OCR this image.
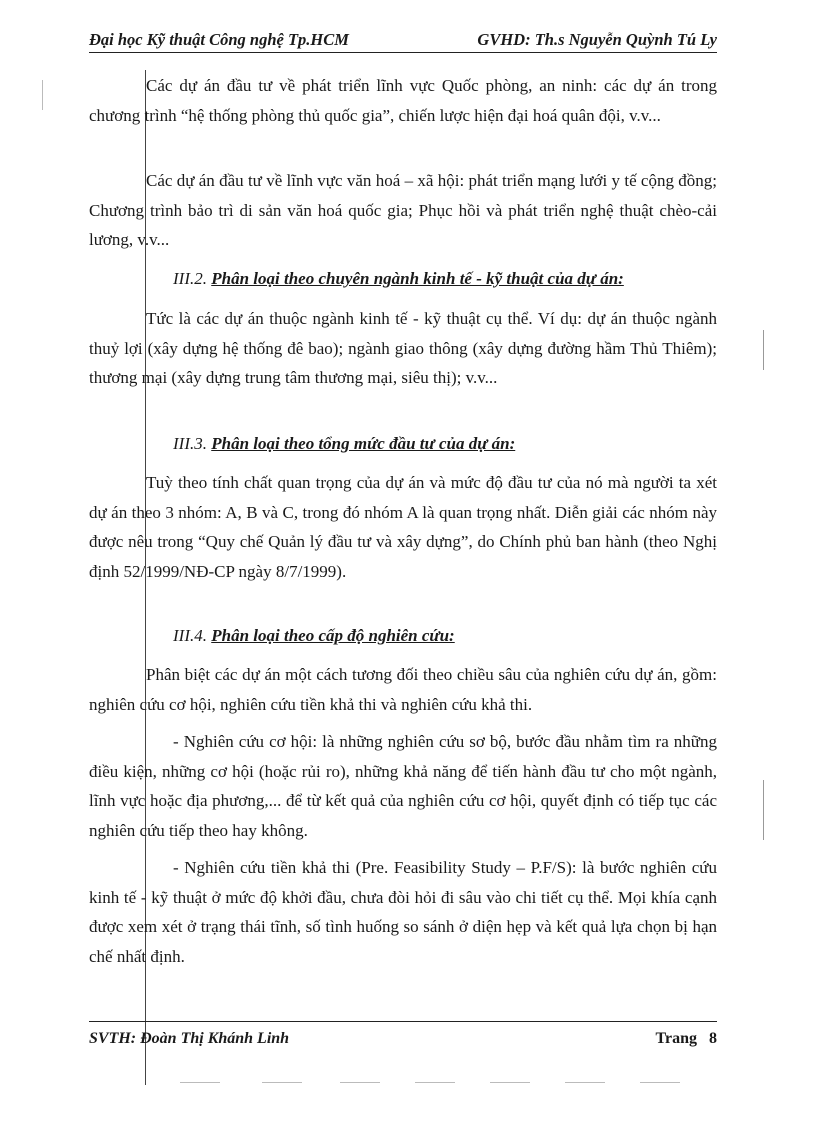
Đại học Kỹ thuật Công nghệ Tp.HCM	GVHD: Th.s Nguyễn Quỳnh Tú Ly

Các dự án đầu tư về phát triển lĩnh vực Quốc phòng, an ninh: các dự án trong chương trình “hệ thống phòng thủ quốc gia”, chiến lược hiện đại hoá quân đội, v.v...

Các dự án đầu tư về lĩnh vực văn hoá – xã hội: phát triển mạng lưới y tế cộng đồng; Chương trình bảo trì di sản văn hoá quốc gia; Phục hồi và phát triển nghệ thuật chèo-cải lương, v.v...

III.2. Phân loại theo chuyên ngành kinh tế - kỹ thuật của dự án:

Tức là các dự án thuộc ngành kinh tế - kỹ thuật cụ thể. Ví dụ: dự án thuộc ngành thuỷ lợi (xây dựng hệ thống đê bao); ngành giao thông (xây dựng đường hầm Thủ Thiêm); thương mại (xây dựng trung tâm thương mại, siêu thị); v.v...

III.3. Phân loại theo tổng mức đầu tư của dự án:

Tuỳ theo tính chất quan trọng của dự án và mức độ đầu tư của nó mà người ta xét dự án theo 3 nhóm: A, B và C, trong đó nhóm A là quan trọng nhất. Diễn giải các nhóm này được nêu trong “Quy chế Quản lý đầu tư và xây dựng”, do Chính phủ ban hành (theo Nghị định 52/1999/NĐ-CP ngày 8/7/1999).

III.4. Phân loại theo cấp độ nghiên cứu:

Phân biệt các dự án một cách tương đối theo chiều sâu của nghiên cứu dự án, gồm: nghiên cứu cơ hội, nghiên cứu tiền khả thi và nghiên cứu khả thi.

- Nghiên cứu cơ hội: là những nghiên cứu sơ bộ, bước đầu nhằm tìm ra những điều kiện, những cơ hội (hoặc rủi ro), những khả năng để tiến hành đầu tư cho một ngành, lĩnh vực hoặc địa phương,... để từ kết quả của nghiên cứu cơ hội, quyết định có tiếp tục các nghiên cứu tiếp theo hay không.

- Nghiên cứu tiền khả thi (Pre. Feasibility Study – P.F/S): là bước nghiên cứu kinh tế - kỹ thuật ở mức độ khởi đầu, chưa đòi hỏi đi sâu vào chi tiết cụ thể. Mọi khía cạnh được xem xét ở trạng thái tĩnh, số tình huống so sánh ở diện hẹp và kết quả lựa chọn bị hạn chế nhất định.

SVTH: Đoàn Thị Khánh Linh	Trang 8
